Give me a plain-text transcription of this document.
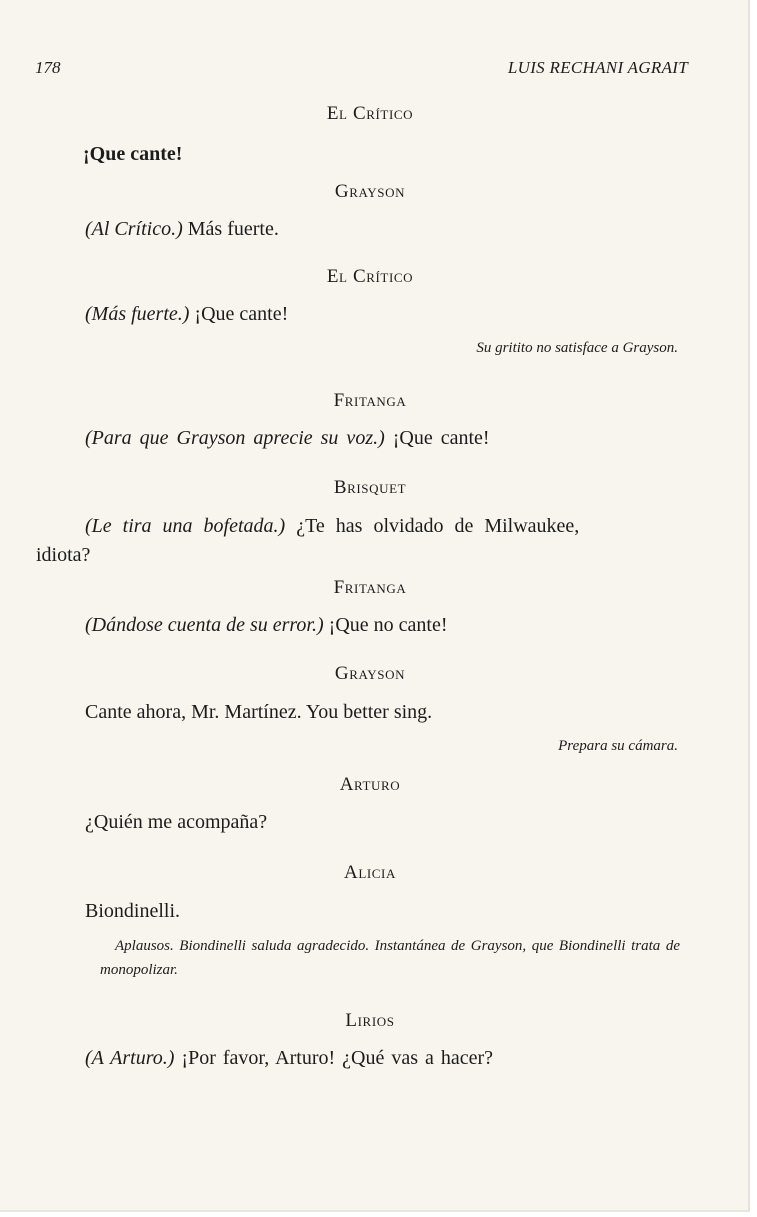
178	LUIS RECHANI AGRAIT
El Crítico
¡Que cante!
Grayson
(Al Crítico.) Más fuerte.
El Crítico
(Más fuerte.) ¡Que cante!
Su gritito no satisface a Grayson.
Fritanga
(Para que Grayson aprecie su voz.) ¡Que cante!
Brisquet
(Le tira una bofetada.) ¿Te has olvidado de Milwaukee,
idiota?
Fritanga
(Dándose cuenta de su error.) ¡Que no cante!
Grayson
Cante ahora, Mr. Martínez. You better sing.
Prepara su cámara.
Arturo
¿Quién me acompaña?
Alicia
Biondinelli.
Aplausos. Biondinelli saluda agradecido. Instantánea de Grayson, que Biondinelli trata de monopolizar.
Lirios
(A Arturo.) ¡Por favor, Arturo! ¿Qué vas a hacer?
